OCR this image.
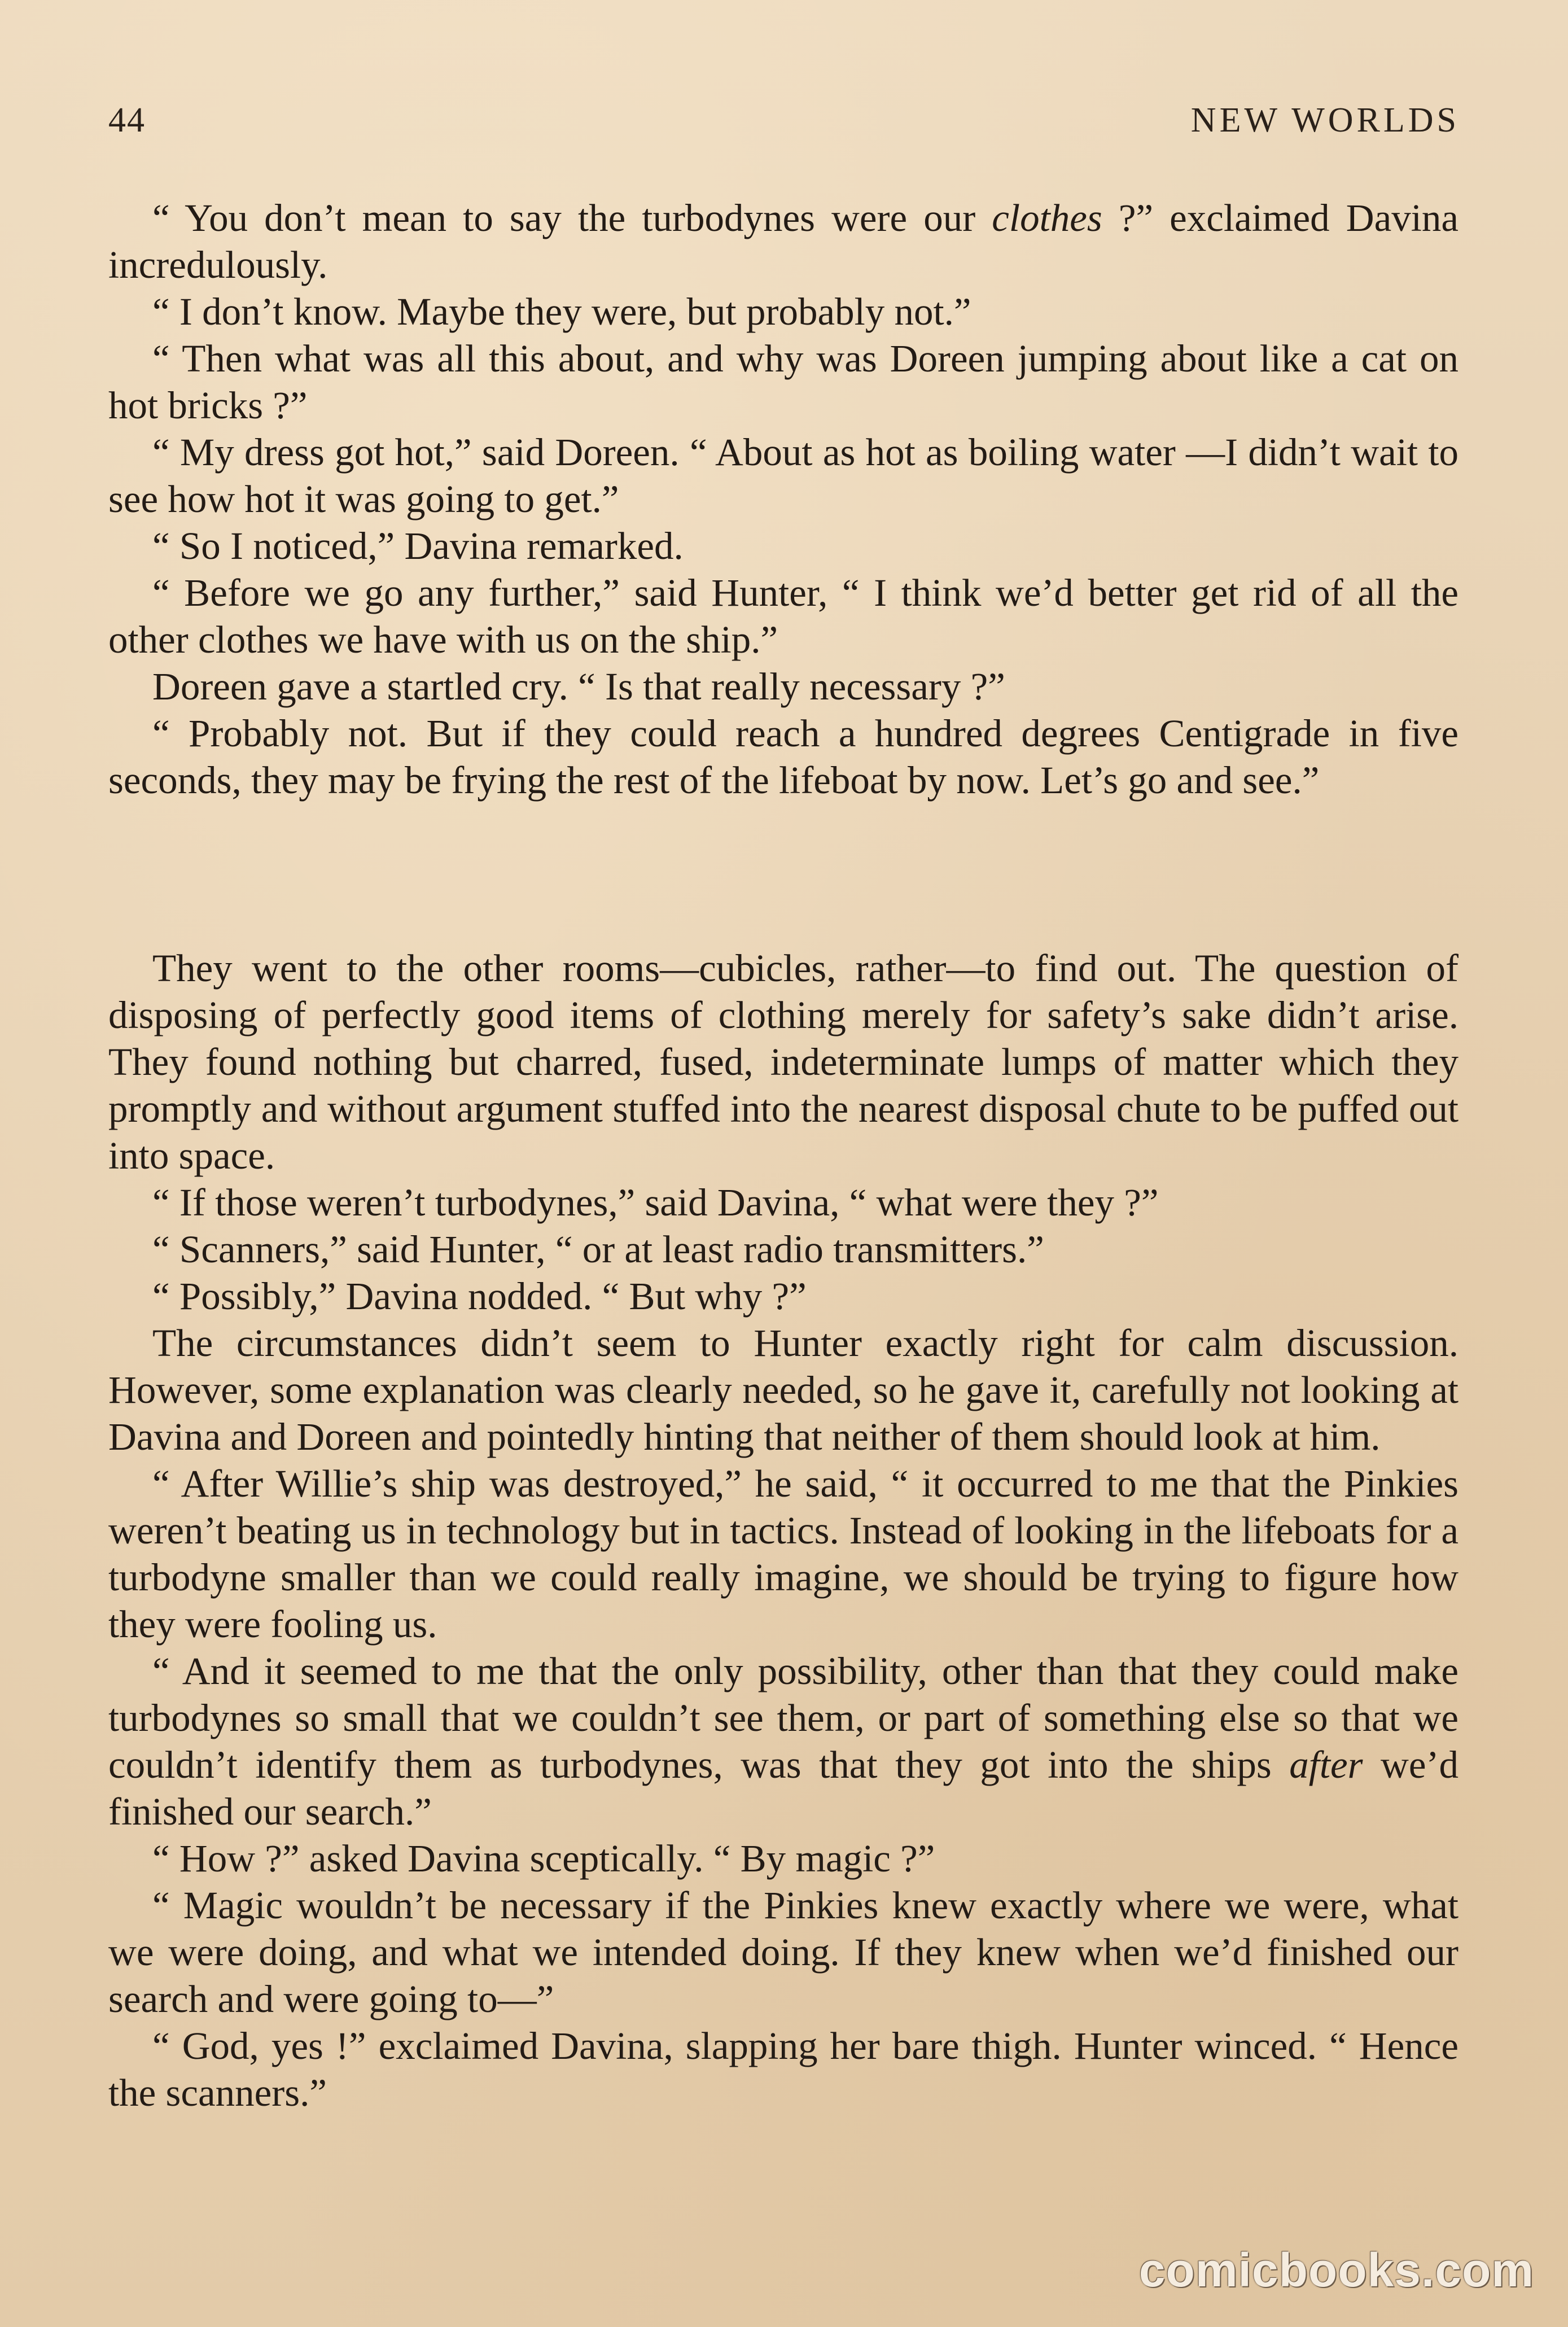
44	NEW WORLDS

“ You don’t mean to say the turbodynes were our clothes ?” exclaimed Davina incredulously.

“ I don’t know. Maybe they were, but probably not.”

“ Then what was all this about, and why was Doreen jumping about like a cat on hot bricks ?”

“ My dress got hot,” said Doreen. “ About as hot as boiling water —I didn’t wait to see how hot it was going to get.”

“ So I noticed,” Davina remarked.

“ Before we go any further,” said Hunter, “ I think we’d better get rid of all the other clothes we have with us on the ship.”

Doreen gave a startled cry. “ Is that really necessary ?”

“ Probably not. But if they could reach a hundred degrees Centigrade in five seconds, they may be frying the rest of the lifeboat by now. Let’s go and see.”

They went to the other rooms—cubicles, rather—to find out. The question of disposing of perfectly good items of clothing merely for safety’s sake didn’t arise. They found nothing but charred, fused, indeterminate lumps of matter which they promptly and without argument stuffed into the nearest disposal chute to be puffed out into space.

“ If those weren’t turbodynes,” said Davina, “ what were they ?”

“ Scanners,” said Hunter, “ or at least radio transmitters.”

“ Possibly,” Davina nodded. “ But why ?”

The circumstances didn’t seem to Hunter exactly right for calm discussion. However, some explanation was clearly needed, so he gave it, carefully not looking at Davina and Doreen and pointedly hinting that neither of them should look at him.

“ After Willie’s ship was destroyed,” he said, “ it occurred to me that the Pinkies weren’t beating us in technology but in tactics. Instead of looking in the lifeboats for a turbodyne smaller than we could really imagine, we should be trying to figure how they were fooling us.

“ And it seemed to me that the only possibility, other than that they could make turbodynes so small that we couldn’t see them, or part of something else so that we couldn’t identify them as turbodynes, was that they got into the ships after we’d finished our search.”

“ How ?” asked Davina sceptically. “ By magic ?”

“ Magic wouldn’t be necessary if the Pinkies knew exactly where we were, what we were doing, and what we intended doing. If they knew when we’d finished our search and were going to—”

“ God, yes !” exclaimed Davina, slapping her bare thigh. Hunter winced. “ Hence the scanners.”

comicbooks.com
